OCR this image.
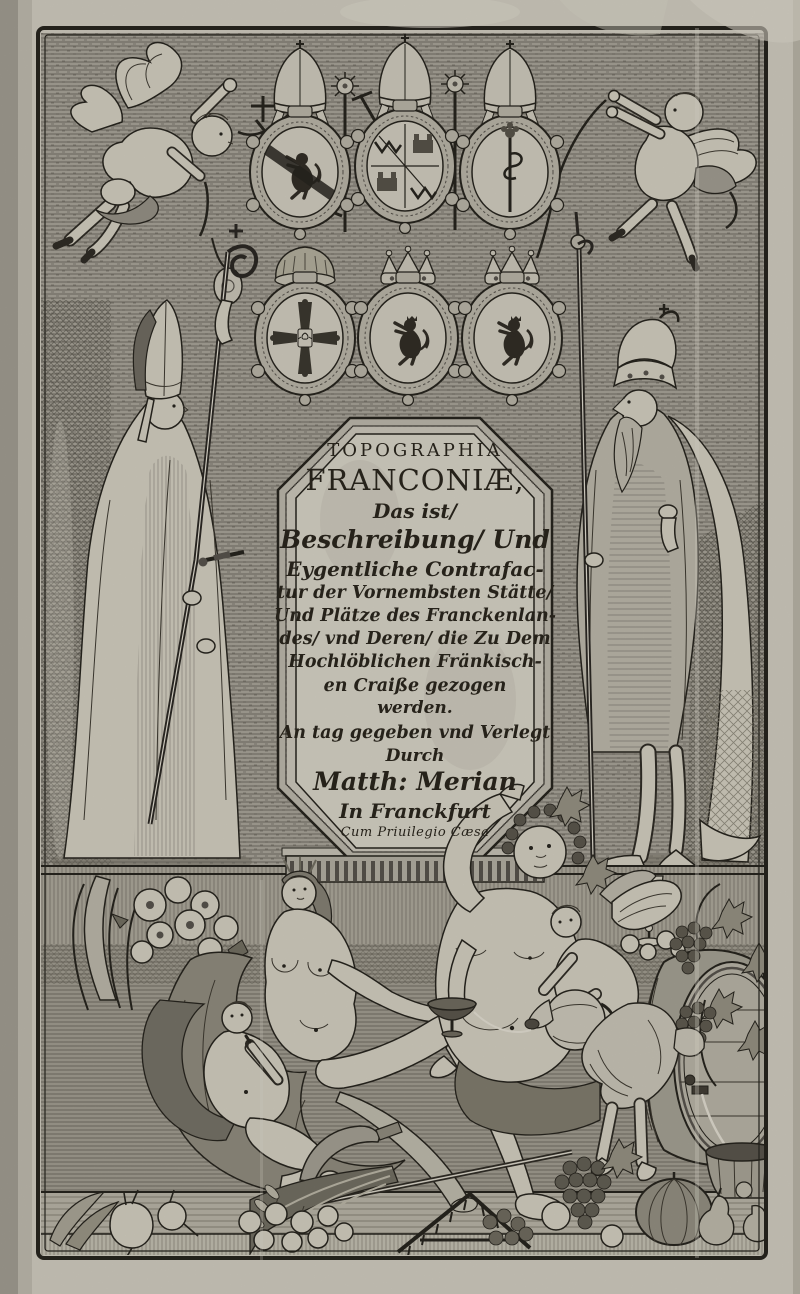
TOPOGRAPHIA
FRANCONIÆ,
Das ist/
Beschreibung/ Und
Eygentliche Contrafac-
tur der Vornembsten Stätte/
Und Plätze des Franckenlan-
des/ vnd Deren/ die Zu Dem
Hochlöblichen Fränkisch-
en Craiße gezogen
werden.
An tag gegeben vnd Verlegt
Durch
Matth: Merian
In Franckfurt
Cum Priuilegio Cæsa
